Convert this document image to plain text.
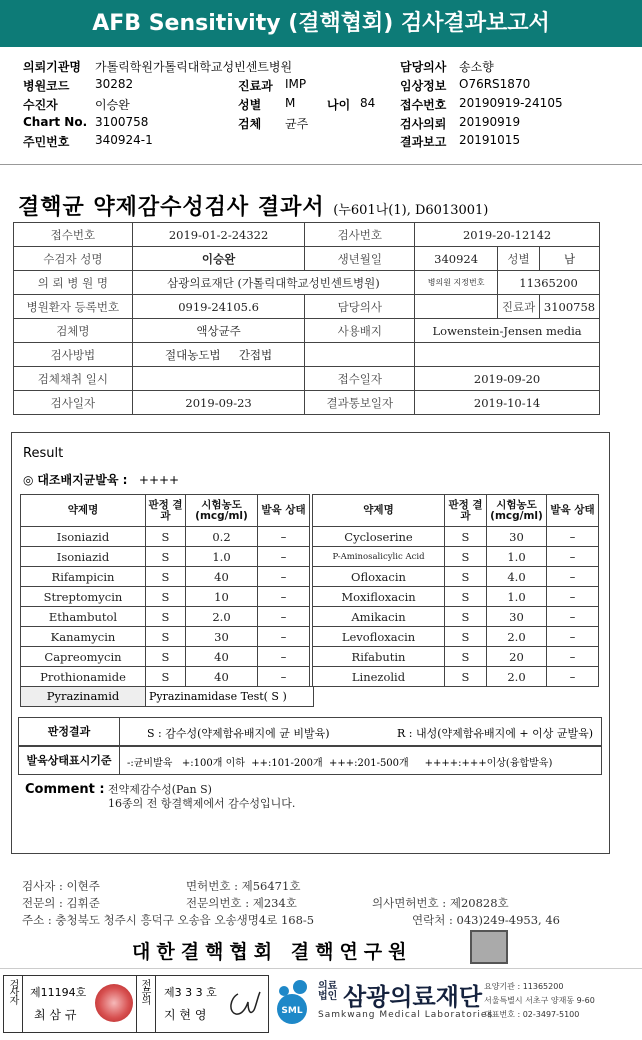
AFB Sensitivity (결핵협회) 검사결과보고서
의뢰기관명 가톨릭학원가톨릭대학교성빈센트병원
병원코드 30282
수진자	이승완
Chart No. 3100758
주민번호 340924-1
진료과 IMP
성별 M	나이 84
검체 균주
담당의사 송소향
임상정보 O76RS1870
접수번호 20190919-24105
검사의뢰 20190919
결과보고 20191015
결핵균 약제감수성검사 결과서 (누601나(1), D6013001)
접수번호	2019-01-2-24322	검사번호	2019-20-12142		
수검자 성명	이승완	생년월일	340924	성별	남
의 뢰 병 원 명	삼광의료재단 (가톨릭대학교성빈센트병원)		병의원 지정번호	11365200	
병원환자 등록번호	0919-24105.6	담당의사		진료과	3100758
검체명	액상균주	사용배지	Lowenstein-Jensen media		
검사방법	절대농도법 간접법				
검체채취 일시		접수일자	2019-09-20		
검사일자	2019-09-23	결과통보일자	2019-10-14		
Result
◎ 대조배지균발육 : ++++
약제명	판정 결과	시험농도 (mcg/ml)	발육 상태		약제명	판정 결과	시험농도 (mcg/ml)	발육 상태
Isoniazid	S	0.2	–		Cycloserine	S	30	–
Isoniazid	S	1.0	–		P-Aminosalicylic Acid	S	1.0	–
Rifampicin	S	40	–		Ofloxacin	S	4.0	–
Streptomycin	S	10	–		Moxifloxacin	S	1.0	–
Ethambutol	S	2.0	–		Amikacin	S	30	–
Kanamycin	S	30	–		Levofloxacin	S	2.0	–
Capreomycin	S	40	–		Rifabutin	S	20	–
Prothionamide	S	40	–		Linezolid	S	2.0	–
Pyrazinamid	Pyrazinamidase Test( S )
판정결과	S : 감수성(약제함유배지에 균 비발육)	R : 내성(약제함유배지에 + 이상 균발육)
발육상태표시기준	-:균비발육   +:100개 이하  ++:101-200개  +++:201-500개     ++++:+++이상(융합발육)
Comment : 전약제감수성(Pan S)
16종의 전 항결핵제에서 감수성입니다.
검사자 : 이현주	면허번호 : 제56471호
전문의 : 김휘준	전문의번호 : 제234호	의사면허번호 : 제20828호
주소 : 충청북도 청주시 흥덕구 오송읍 오송생명4로 168-5	연락처 : 043)249-4953, 46
대한결핵협회 결핵연구원
검사자 제11194호
최 삼 규
전문의 제3 3 3 호
지 현 영	SML
의료
법인 삼광의료재단
Samkwang Medical Laboratories
요양기관 : 11365200
서울특별시 서초구 양재동 9-60
대표번호 : 02-3497-5100
